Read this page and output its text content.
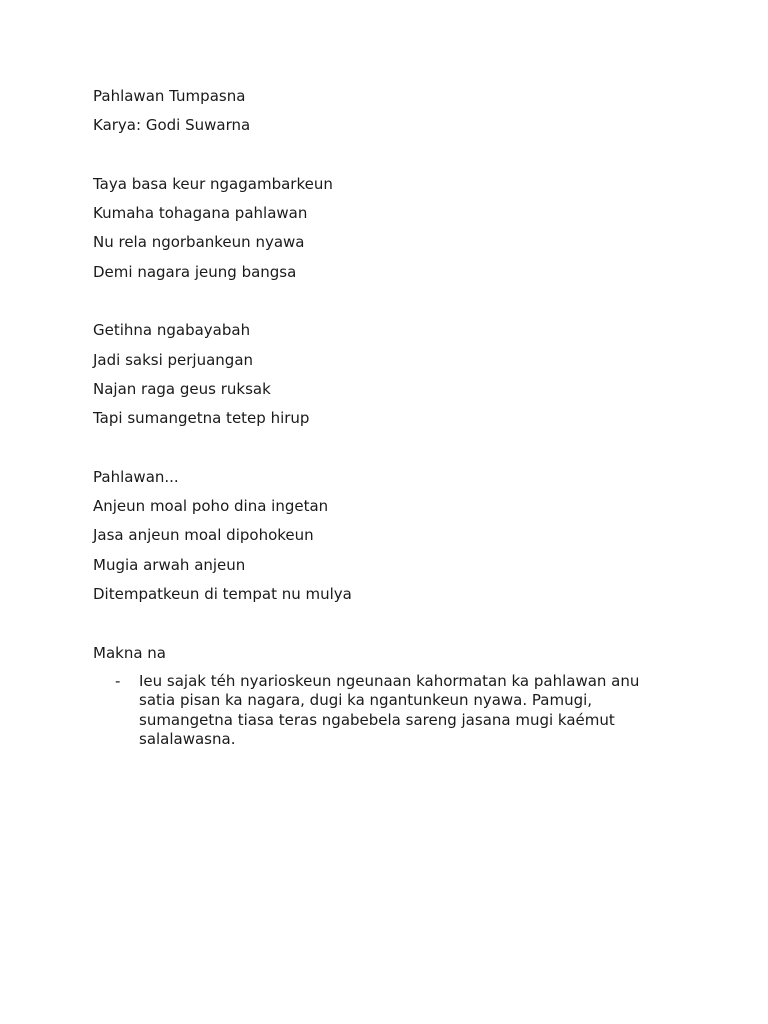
Pahlawan Tumpasna
Karya: Godi Suwarna
Taya basa keur ngagambarkeun
Kumaha tohagana pahlawan
Nu rela ngorbankeun nyawa
Demi nagara jeung bangsa
Getihna ngabayabah
Jadi saksi perjuangan
Najan raga geus ruksak
Tapi sumangetna tetep hirup
Pahlawan...
Anjeun moal poho dina ingetan
Jasa anjeun moal dipohokeun
Mugia arwah anjeun
Ditempatkeun di tempat nu mulya
Makna na
-	Ieu sajak téh nyarioskeun ngeunaan kahormatan ka pahlawan anu satia pisan ka nagara, dugi ka ngantunkeun nyawa. Pamugi, sumangetna tiasa teras ngabebela sareng jasana mugi kaémut salalawasna.
